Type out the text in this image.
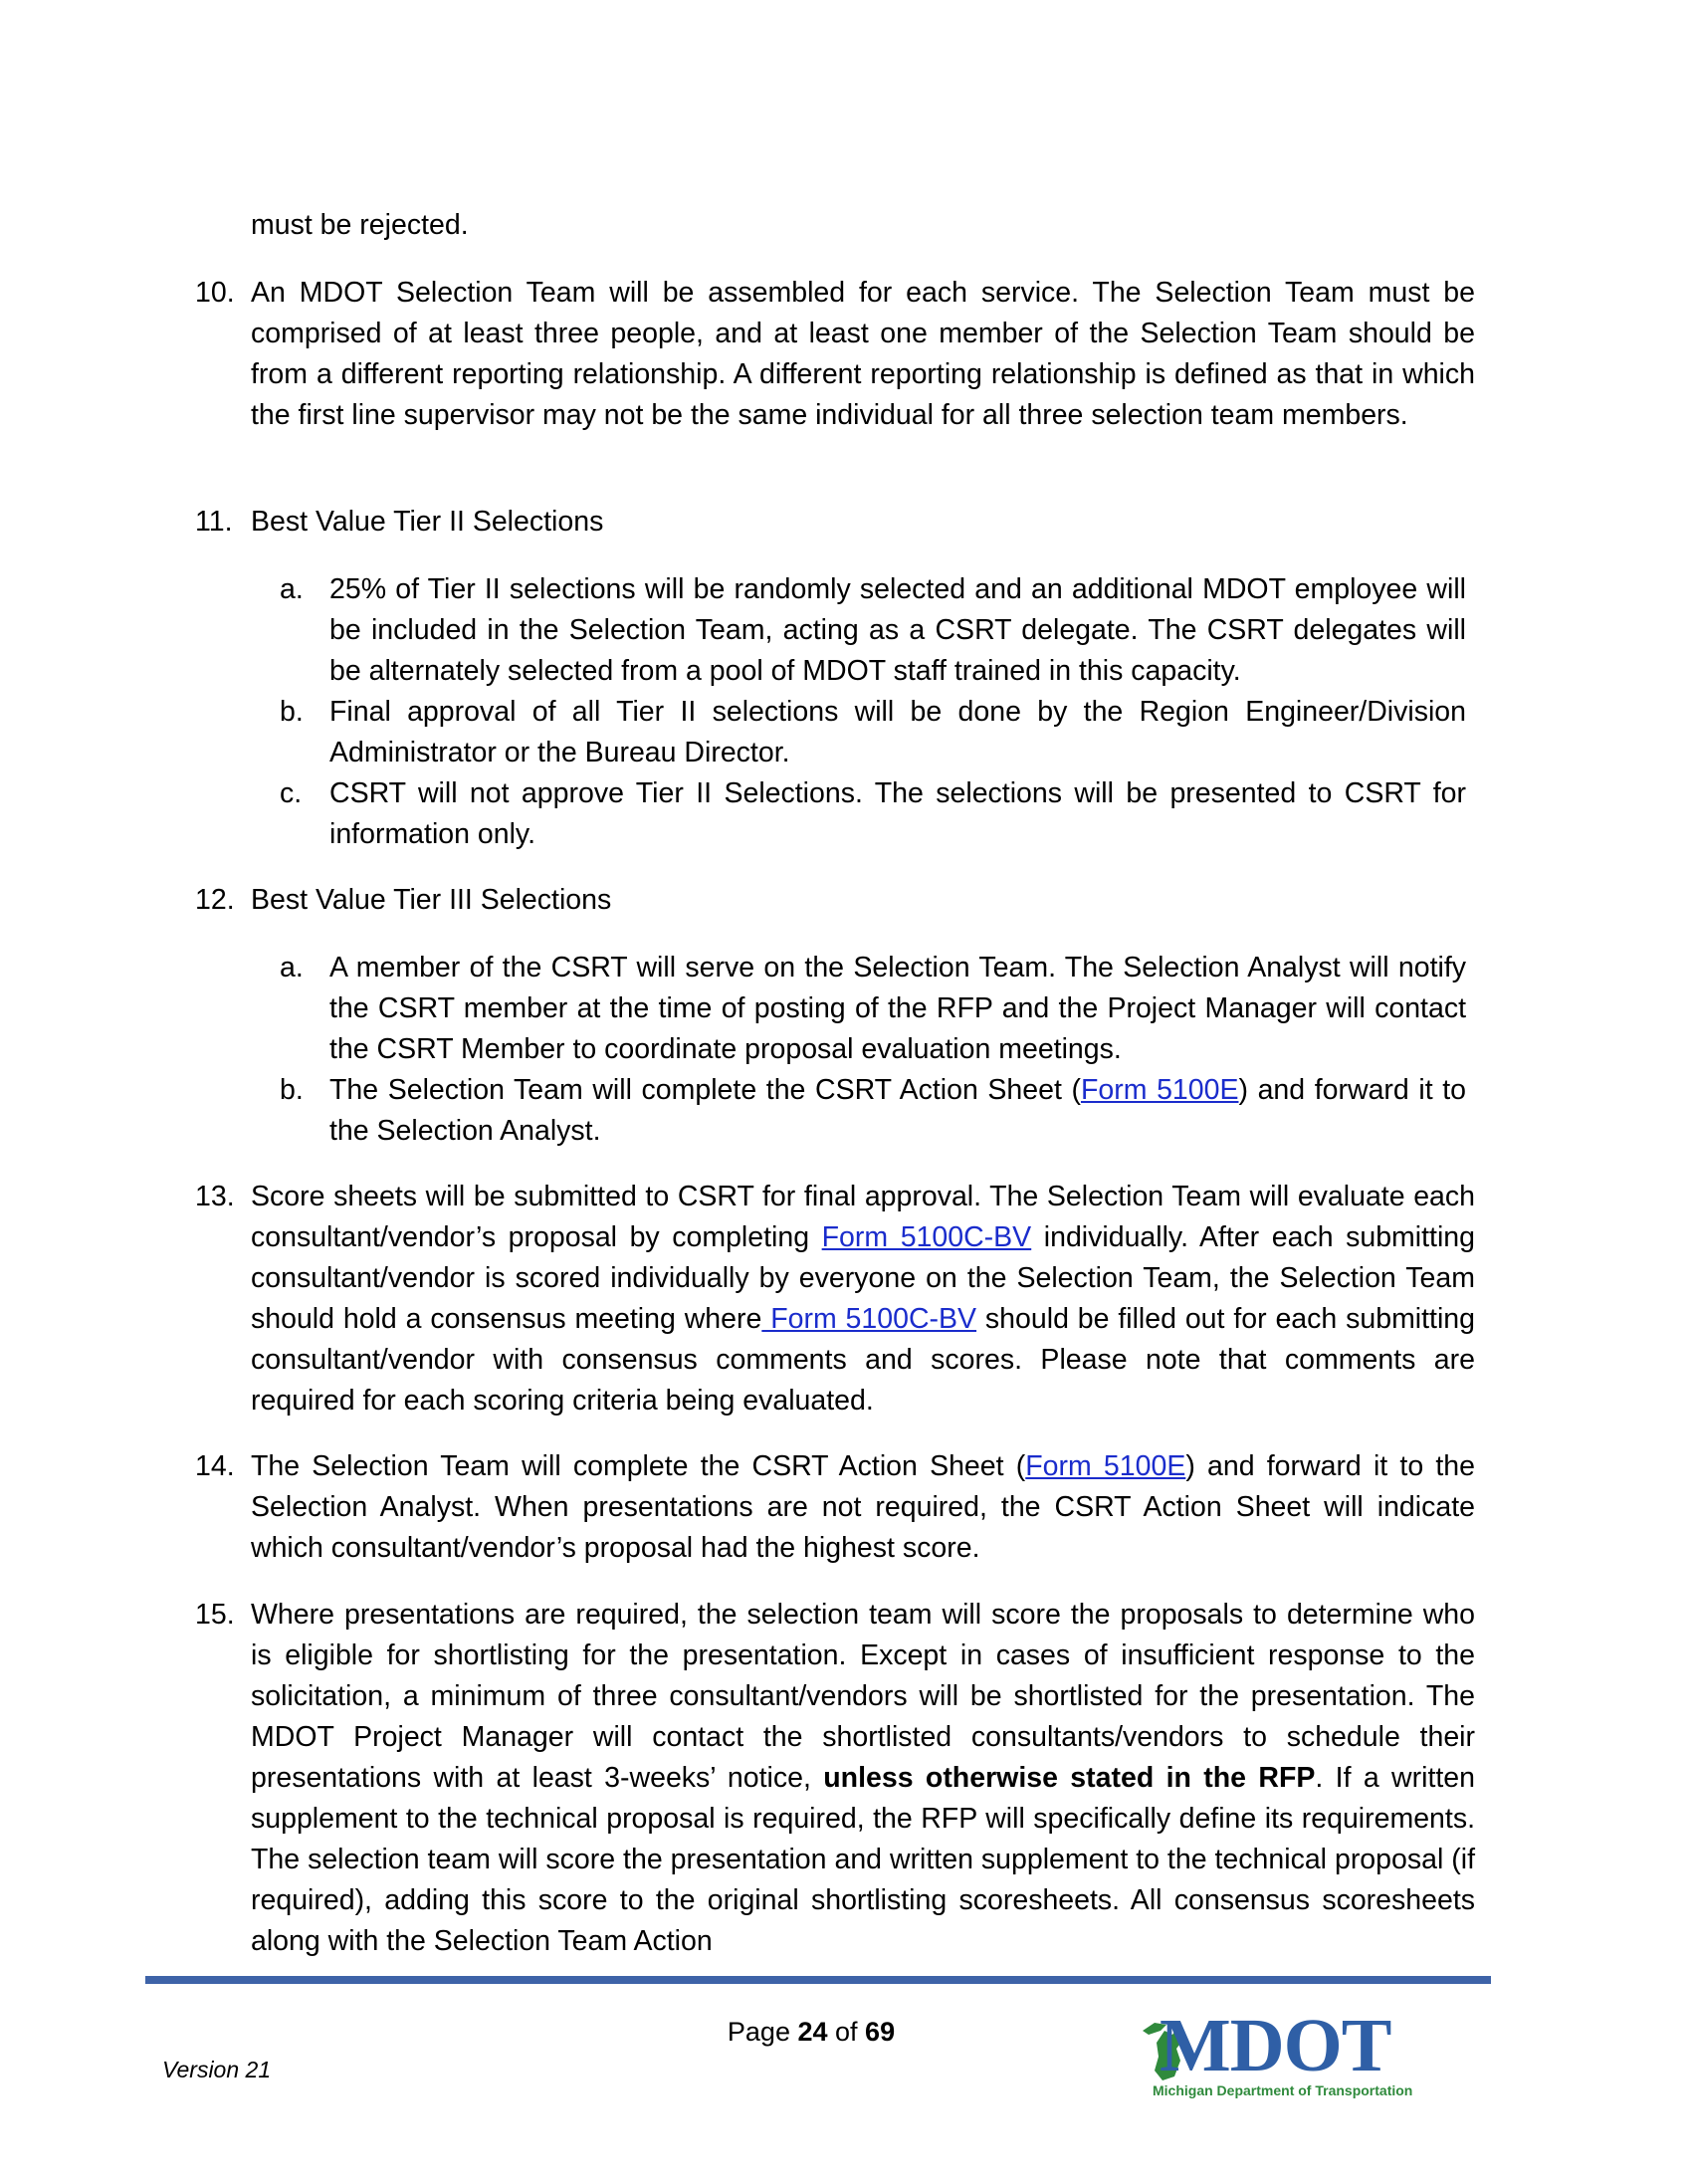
must be rejected.
10. An MDOT Selection Team will be assembled for each service. The Selection Team must be comprised of at least three people, and at least one member of the Selection Team should be from a different reporting relationship. A different reporting relationship is defined as that in which the first line supervisor may not be the same individual for all three selection team members.
11. Best Value Tier II Selections
a. 25% of Tier II selections will be randomly selected and an additional MDOT employee will be included in the Selection Team, acting as a CSRT delegate. The CSRT delegates will be alternately selected from a pool of MDOT staff trained in this capacity.
b. Final approval of all Tier II selections will be done by the Region Engineer/Division Administrator or the Bureau Director.
c. CSRT will not approve Tier II Selections. The selections will be presented to CSRT for information only.
12. Best Value Tier III Selections
a. A member of the CSRT will serve on the Selection Team. The Selection Analyst will notify the CSRT member at the time of posting of the RFP and the Project Manager will contact the CSRT Member to coordinate proposal evaluation meetings.
b. The Selection Team will complete the CSRT Action Sheet (Form 5100E) and forward it to the Selection Analyst.
13. Score sheets will be submitted to CSRT for final approval. The Selection Team will evaluate each consultant/vendor’s proposal by completing Form 5100C-BV individually. After each submitting consultant/vendor is scored individually by everyone on the Selection Team, the Selection Team should hold a consensus meeting where Form 5100C-BV should be filled out for each submitting consultant/vendor with consensus comments and scores. Please note that comments are required for each scoring criteria being evaluated.
14. The Selection Team will complete the CSRT Action Sheet (Form 5100E) and forward it to the Selection Analyst. When presentations are not required, the CSRT Action Sheet will indicate which consultant/vendor’s proposal had the highest score.
15. Where presentations are required, the selection team will score the proposals to determine who is eligible for shortlisting for the presentation. Except in cases of insufficient response to the solicitation, a minimum of three consultant/vendors will be shortlisted for the presentation. The MDOT Project Manager will contact the shortlisted consultants/vendors to schedule their presentations with at least 3-weeks’ notice, unless otherwise stated in the RFP. If a written supplement to the technical proposal is required, the RFP will specifically define its requirements. The selection team will score the presentation and written supplement to the technical proposal (if required), adding this score to the original shortlisting scoresheets. All consensus scoresheets along with the Selection Team Action
Page 24 of 69
Version 21	MDOT
Michigan Department of Transportation
